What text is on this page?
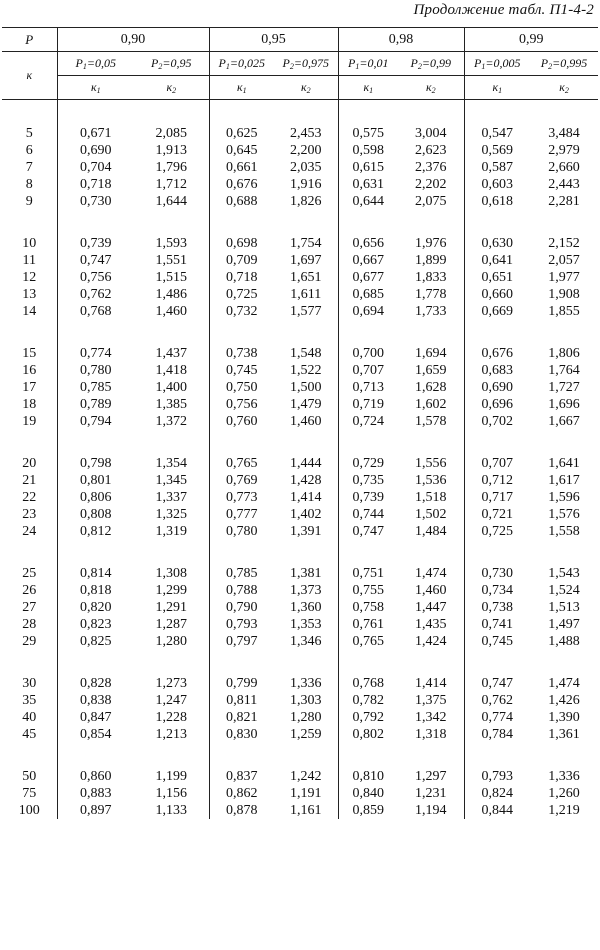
Продолжение табл. П1-4-2
P	0,90		0,95		0,98		0,99	
к	$P_1=0,05$	$P_2=0,95$	$P_1=0,025$	$P_2=0,975$	$P_1=0,01$	$P_2=0,99$	$P_1=0,005$	$P_2=0,995$
	$к_1$	$к_2$	$к_1$	$к_2$	$к_1$	$к_2$	$к_1$	$к_2$

5	0,671	2,085	0,625	2,453	0,575	3,004	0,547	3,484
6	0,690	1,913	0,645	2,200	0,598	2,623	0,569	2,979
7	0,704	1,796	0,661	2,035	0,615	2,376	0,587	2,660
8	0,718	1,712	0,676	1,916	0,631	2,202	0,603	2,443
9	0,730	1,644	0,688	1,826	0,644	2,075	0,618	2,281

10	0,739	1,593	0,698	1,754	0,656	1,976	0,630	2,152
11	0,747	1,551	0,709	1,697	0,667	1,899	0,641	2,057
12	0,756	1,515	0,718	1,651	0,677	1,833	0,651	1,977
13	0,762	1,486	0,725	1,611	0,685	1,778	0,660	1,908
14	0,768	1,460	0,732	1,577	0,694	1,733	0,669	1,855

15	0,774	1,437	0,738	1,548	0,700	1,694	0,676	1,806
16	0,780	1,418	0,745	1,522	0,707	1,659	0,683	1,764
17	0,785	1,400	0,750	1,500	0,713	1,628	0,690	1,727
18	0,789	1,385	0,756	1,479	0,719	1,602	0,696	1,696
19	0,794	1,372	0,760	1,460	0,724	1,578	0,702	1,667

20	0,798	1,354	0,765	1,444	0,729	1,556	0,707	1,641
21	0,801	1,345	0,769	1,428	0,735	1,536	0,712	1,617
22	0,806	1,337	0,773	1,414	0,739	1,518	0,717	1,596
23	0,808	1,325	0,777	1,402	0,744	1,502	0,721	1,576
24	0,812	1,319	0,780	1,391	0,747	1,484	0,725	1,558

25	0,814	1,308	0,785	1,381	0,751	1,474	0,730	1,543
26	0,818	1,299	0,788	1,373	0,755	1,460	0,734	1,524
27	0,820	1,291	0,790	1,360	0,758	1,447	0,738	1,513
28	0,823	1,287	0,793	1,353	0,761	1,435	0,741	1,497
29	0,825	1,280	0,797	1,346	0,765	1,424	0,745	1,488

30	0,828	1,273	0,799	1,336	0,768	1,414	0,747	1,474
35	0,838	1,247	0,811	1,303	0,782	1,375	0,762	1,426
40	0,847	1,228	0,821	1,280	0,792	1,342	0,774	1,390
45	0,854	1,213	0,830	1,259	0,802	1,318	0,784	1,361

50	0,860	1,199	0,837	1,242	0,810	1,297	0,793	1,336
75	0,883	1,156	0,862	1,191	0,840	1,231	0,824	1,260
100	0,897	1,133	0,878	1,161	0,859	1,194	0,844	1,219
